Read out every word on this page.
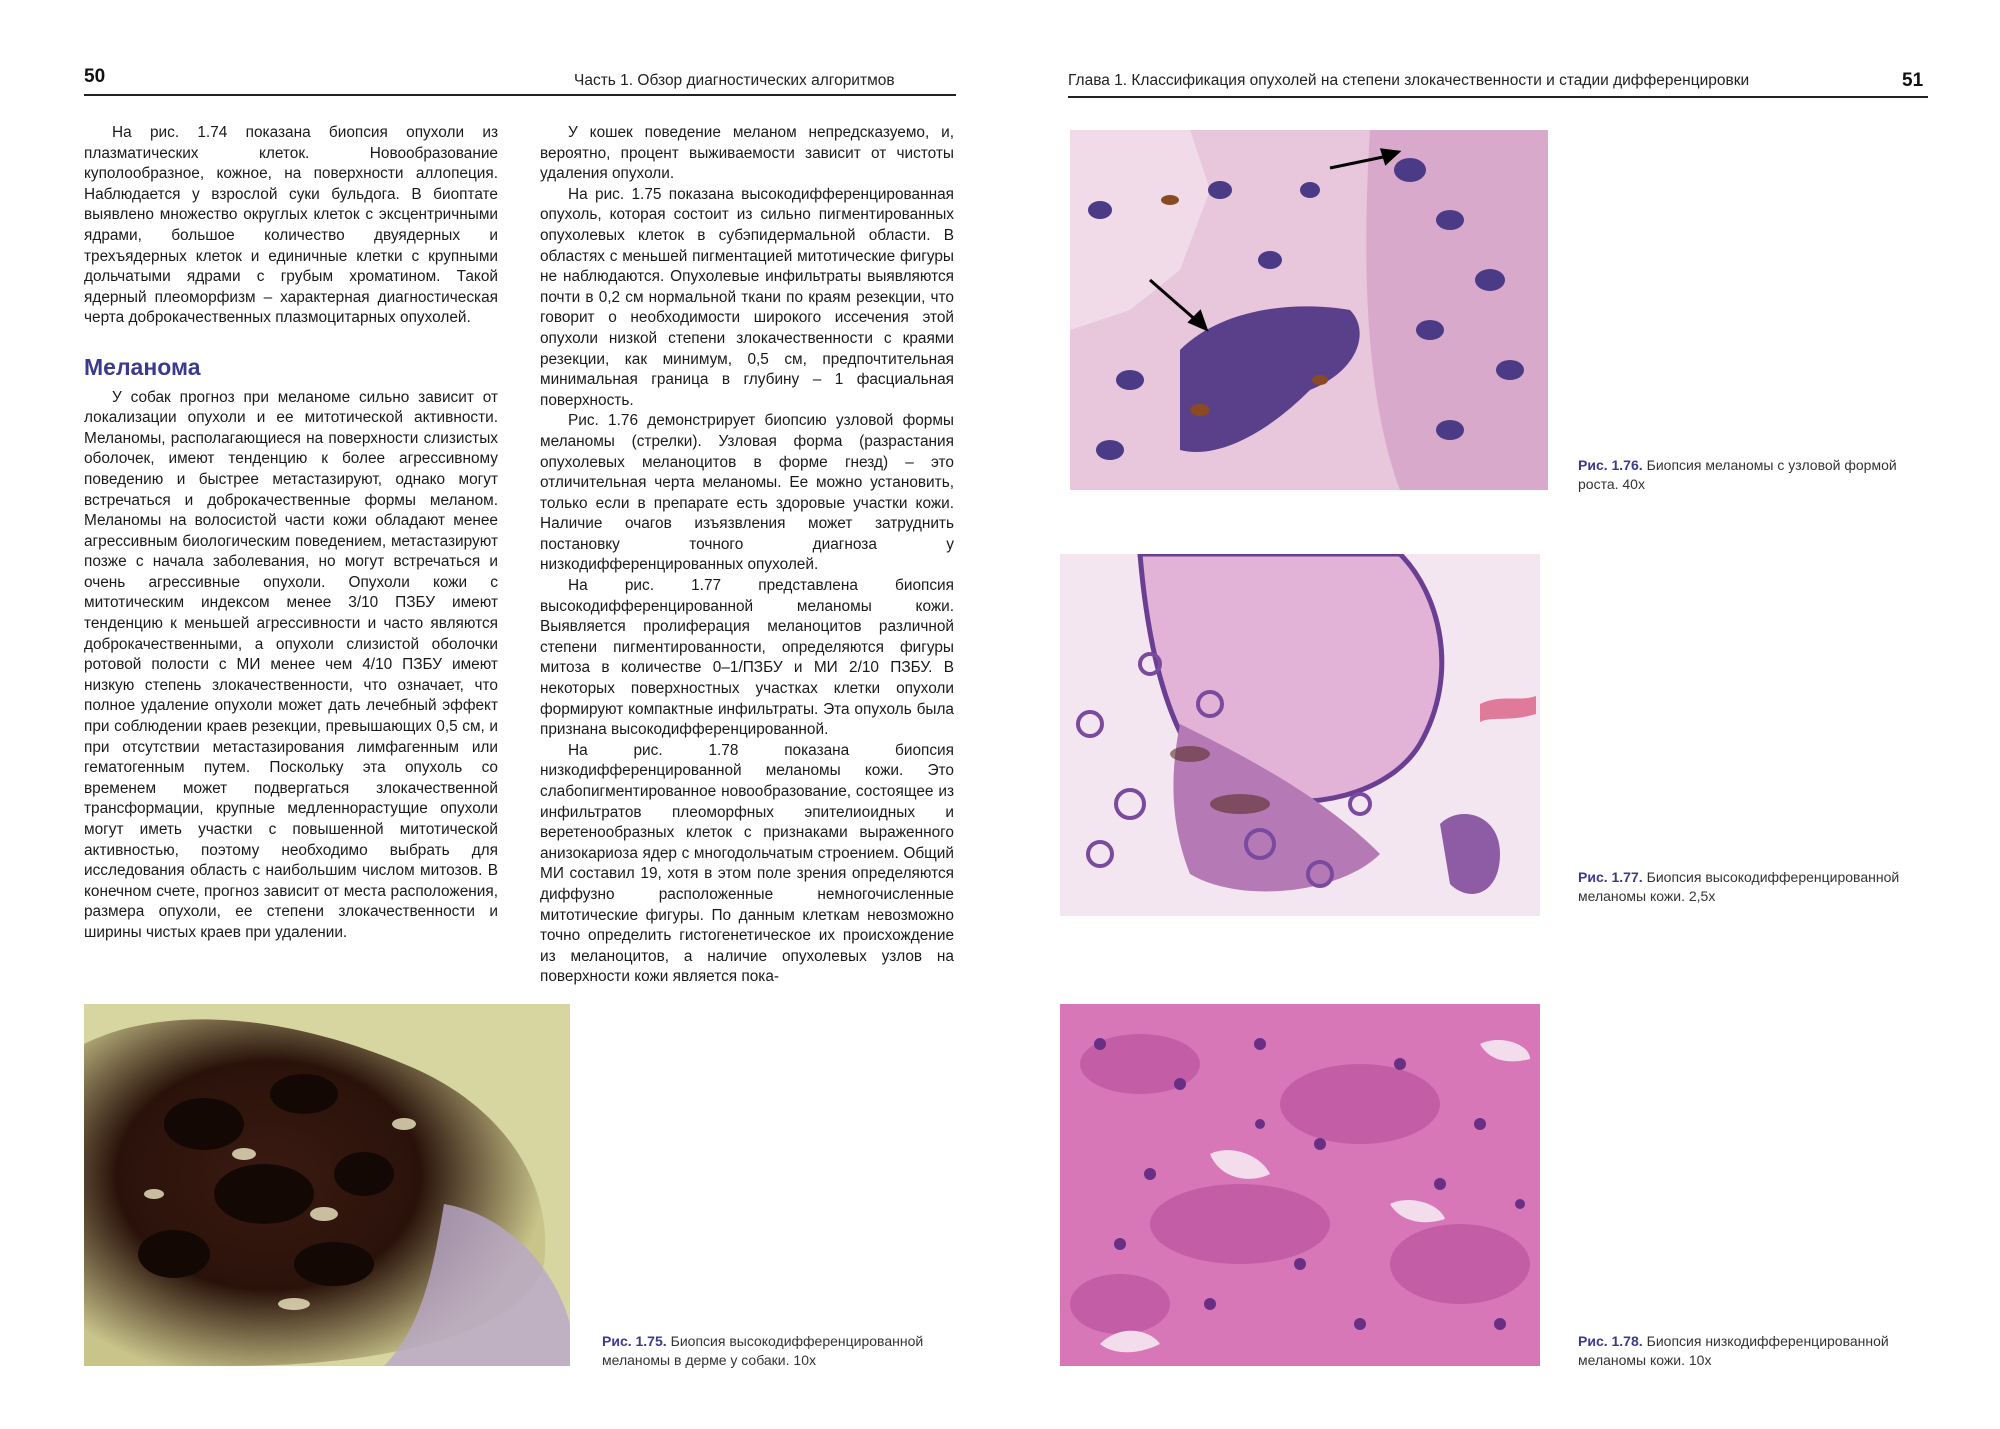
50	Часть 1. Обзор диагностических алгоритмов	Глава 1. Классификация опухолей на степени злокачественности и стадии дифференцировки	51

На рис. 1.74 показана биопсия опухоли из плазматических клеток. Новообразование куполообразное, кожное, на поверхности аллопеция. Наблюдается у взрослой суки бульдога. В биоптате выявлено множество округлых клеток с эксцентричными ядрами, большое количество двуядерных и трехъядерных клеток и единичные клетки с крупными дольчатыми ядрами с грубым хроматином. Такой ядерный плеоморфизм – характерная диагностическая черта доброкачественных плазмоцитарных опухолей.

Меланома

У собак прогноз при меланоме сильно зависит от локализации опухоли и ее митотической активности. Меланомы, располагающиеся на поверхности слизистых оболочек, имеют тенденцию к более агрессивному поведению и быстрее метастазируют, однако могут встречаться и доброкачественные формы меланом. Меланомы на волосистой части кожи обладают менее агрессивным биологическим поведением, метастазируют позже с начала заболевания, но могут встречаться и очень агрессивные опухоли. Опухоли кожи с митотическим индексом менее 3/10 ПЗБУ имеют тенденцию к меньшей агрессивности и часто являются доброкачественными, а опухоли слизистой оболочки ротовой полости с МИ менее чем 4/10 ПЗБУ имеют низкую степень злокачественности, что означает, что полное удаление опухоли может дать лечебный эффект при соблюдении краев резекции, превышающих 0,5 см, и при отсутствии метастазирования лимфагенным или гематогенным путем. Поскольку эта опухоль со временем может подвергаться злокачественной трансформации, крупные медленнорастущие опухоли могут иметь участки с повышенной митотической активностью, поэтому необходимо выбрать для исследования область с наибольшим числом митозов. В конечном счете, прогноз зависит от места расположения, размера опухоли, ее степени злокачественности и ширины чистых краев при удалении.

У кошек поведение меланом непредсказуемо, и, вероятно, процент выживаемости зависит от чистоты удаления опухоли.

На рис. 1.75 показана высокодифференцированная опухоль, которая состоит из сильно пигментированных опухолевых клеток в субэпидермальной области. В областях с меньшей пигментацией митотические фигуры не наблюдаются. Опухолевые инфильтраты выявляются почти в 0,2 см нормальной ткани по краям резекции, что говорит о необходимости широкого иссечения этой опухоли низкой степени злокачественности с краями резекции, как минимум, 0,5 см, предпочтительная минимальная граница в глубину – 1 фасциальная поверхность.

Рис. 1.76 демонстрирует биопсию узловой формы меланомы (стрелки). Узловая форма (разрастания опухолевых меланоцитов в форме гнезд) – это отличительная черта меланомы. Ее можно установить, только если в препарате есть здоровые участки кожи. Наличие очагов изъязвления может затруднить постановку точного диагноза у низкодифференцированных опухолей.

На рис. 1.77 представлена биопсия высокодифференцированной меланомы кожи. Выявляется пролиферация меланоцитов различной степени пигментированности, определяются фигуры митоза в количестве 0–1/ПЗБУ и МИ 2/10 ПЗБУ. В некоторых поверхностных участках клетки опухоли формируют компактные инфильтраты. Эта опухоль была признана высокодифференцированной.

На рис. 1.78 показана биопсия низкодифференцированной меланомы кожи. Это слабопигментированное новообразование, состоящее из инфильтратов плеоморфных эпителиоидных и веретенообразных клеток с признаками выраженного анизокариоза ядер с многодольчатым строением. Общий МИ составил 19, хотя в этом поле зрения определяются диффузно расположенные немногочисленные митотические фигуры. По данным клеткам невозможно точно определить гистогенетическое их происхождение из меланоцитов, а наличие опухолевых узлов на поверхности кожи является пока-

Рис. 1.75. Биопсия высокодифференцированной меланомы в дерме у собаки. 10х
Рис. 1.76. Биопсия меланомы с узловой формой роста. 40х
Рис. 1.77. Биопсия высокодифференцированной меланомы кожи. 2,5х
Рис. 1.78. Биопсия низкодифференцированной меланомы кожи. 10х
